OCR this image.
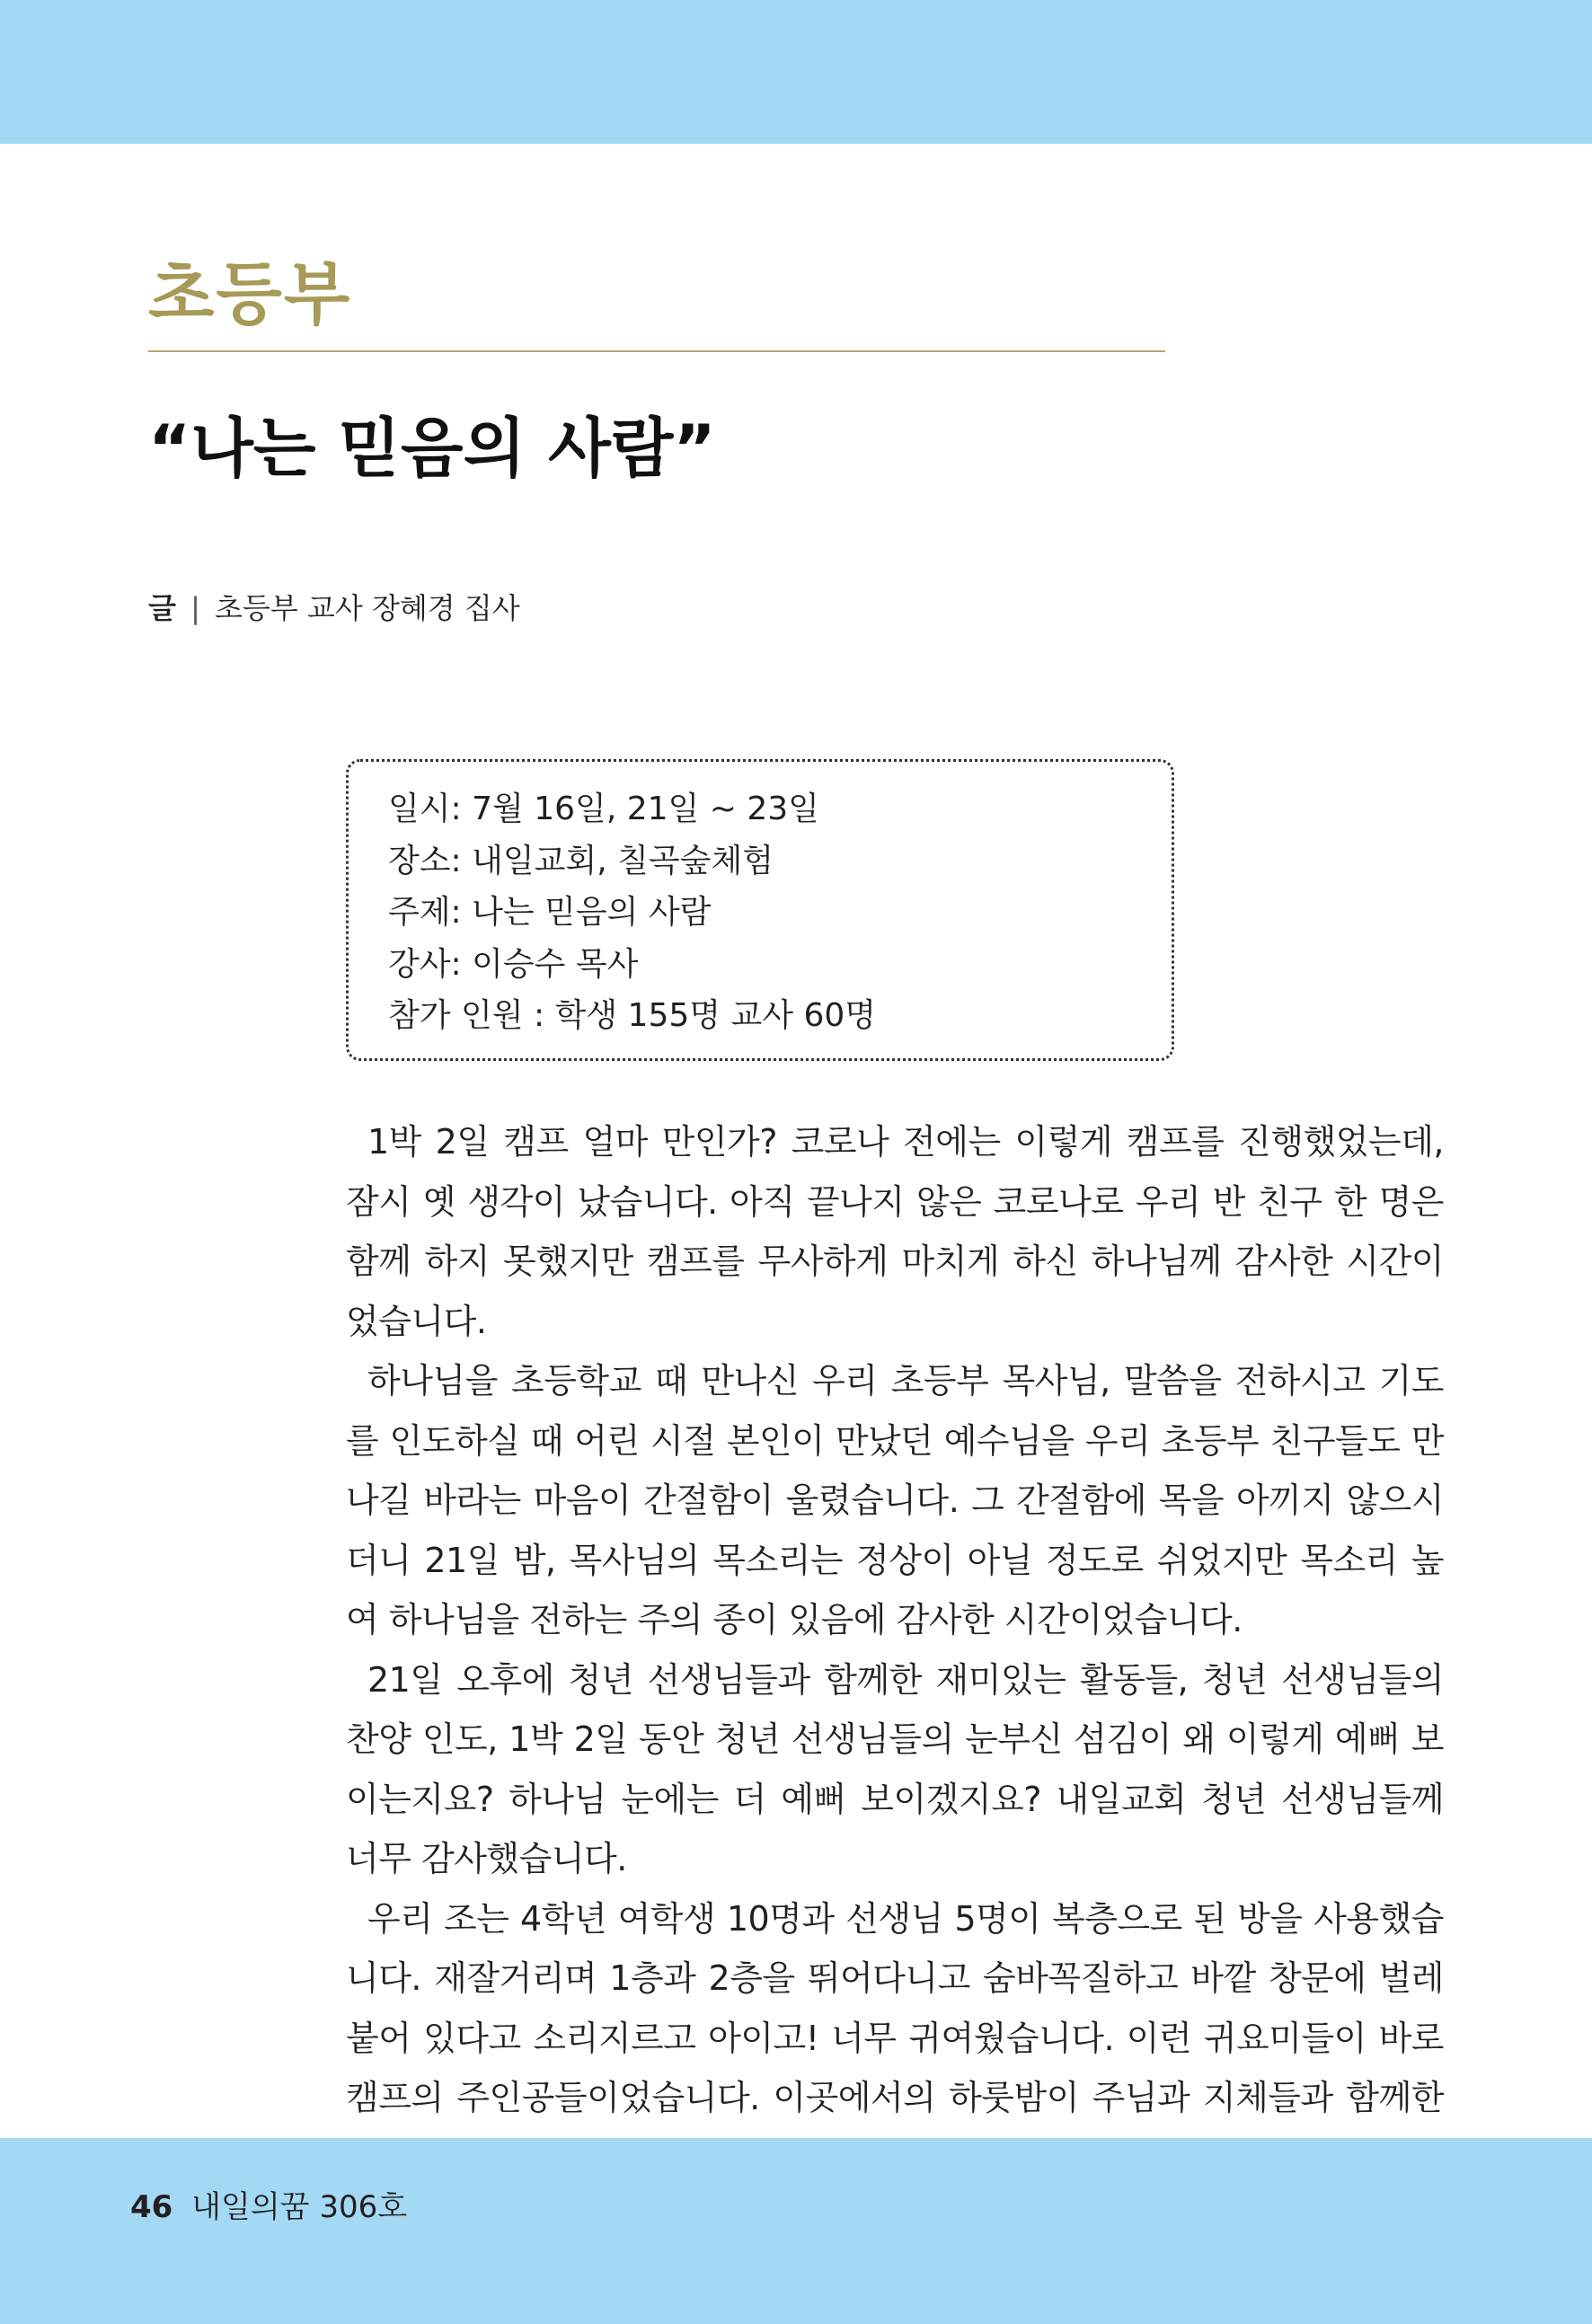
초등부
“나는 믿음의 사람”
글 | 초등부 교사 장혜경 집사
일시: 7월 16일, 21일 ~ 23일
장소: 내일교회, 칠곡숲체험
주제: 나는 믿음의 사람
강사: 이승수 목사
참가 인원 : 학생 155명 교사 60명

1박 2일 캠프 얼마 만인가? 코로나 전에는 이렇게 캠프를 진행했었는데, 잠시 옛 생각이 났습니다. 아직 끝나지 않은 코로나로 우리 반 친구 한 명은 함께 하지 못했지만 캠프를 무사하게 마치게 하신 하나님께 감사한 시간이었습니다.

하나님을 초등학교 때 만나신 우리 초등부 목사님, 말씀을 전하시고 기도를 인도하실 때 어린 시절 본인이 만났던 예수님을 우리 초등부 친구들도 만나길 바라는 마음이 간절함이 울렸습니다. 그 간절함에 목을 아끼지 않으시더니 21일 밤, 목사님의 목소리는 정상이 아닐 정도로 쉬었지만 목소리 높여 하나님을 전하는 주의 종이 있음에 감사한 시간이었습니다.

21일 오후에 청년 선생님들과 함께한 재미있는 활동들, 청년 선생님들의 찬양 인도, 1박 2일 동안 청년 선생님들의 눈부신 섬김이 왜 이렇게 예뻐 보이는지요? 하나님 눈에는 더 예뻐 보이겠지요? 내일교회 청년 선생님들께 너무 감사했습니다.

우리 조는 4학년 여학생 10명과 선생님 5명이 복층으로 된 방을 사용했습니다. 재잘거리며 1층과 2층을 뛰어다니고 숨바꼭질하고 바깥 창문에 벌레 붙어 있다고 소리지르고 아이고! 너무 귀여웠습니다. 이런 귀요미들이 바로 캠프의 주인공들이었습니다. 이곳에서의 하룻밤이 주님과 지체들과 함께한

46 내일의꿈 306호
